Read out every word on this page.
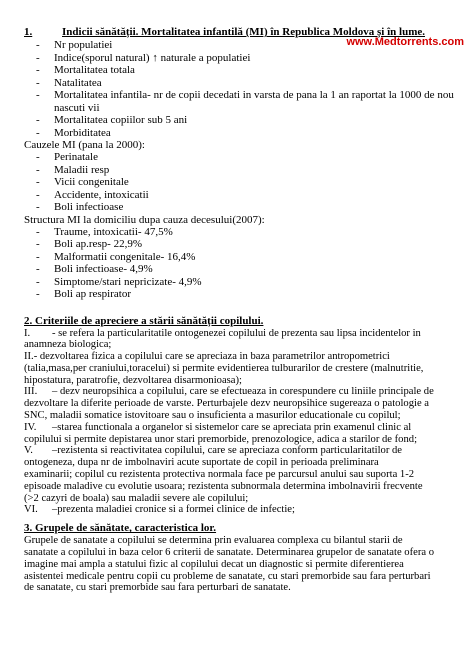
www.Medtorrents.com
1.	Indicii sănătății. Mortalitatea infantilă (MI) în Republica Moldova și în lume.
- Nr populatiei
- Indice(sporul natural) ↑ naturale a populatiei
- Mortalitatea totala
- Natalitatea
- Mortalitatea infantila- nr de copii decedati in varsta de pana la 1 an raportat la 1000 de nou nascuti vii
- Mortalitatea copiilor sub 5 ani
- Morbiditatea
Cauzele MI (pana la 2000):
- Perinatale
- Maladii resp
- Vicii congenitale
- Accidente, intoxicatii
- Boli infectioase
Structura MI la domiciliu dupa cauza decesului(2007):
- Traume, intoxicatii- 47,5%
- Boli ap.resp- 22,9%
- Malformatii congenitale- 16,4%
- Boli infectioase- 4,9%
- Simptome/stari nepricizate- 4,9%
- Boli ap respirator
2. Criteriile de apreciere a stării sănătății copilului.
I. - se refera la particularitatile ontogenezei copilului de prezenta sau lipsa incidentelor in
anamneza biologica;
II.- dezvoltarea fizica a copilului care se apreciaza in baza parametrilor antropometrici
(talia,masa,per craniului,toracelui) si permite evidentierea tulburarilor de crestere (malnutritie,
hipostatura, paratrofie, dezvoltarea disarmonioasa);
III. – dezv neuropsihica a copilului, care se efectueaza in corespundere cu liniile principale de
dezvoltare la diferite perioade de varste. Perturbajele dezv neuropsihice sugereaza o patologie a
SNC, maladii somatice istovitoare sau o insuficienta a masurilor educationale cu copilul;
IV. –starea functionala a organelor si sistemelor care se apreciata prin examenul clinic al
copilului si permite depistarea unor stari premorbide, prenozologice, adica a starilor de fond;
V. –rezistenta si reactivitatea copilului, care se apreciaza conform particularitatilor de
ontogeneza, dupa nr de imbolnaviri acute suportate de copil in perioada preliminara
examinarii; copilul cu rezistenta protectiva normala face pe parcursul anului sau suporta 1-2
episoade maladive cu evolutie usoara; rezistenta subnormala determina imbolnavirii frecvente
(>2 cazyri de boala) sau maladii severe ale copilului;
VI. –prezenta maladiei cronice si a formei clinice de infectie;
3. Grupele de sănătate, caracteristica lor.
Grupele de sanatate a copilului se determina prin evaluarea complexa cu bilantul starii de
sanatate a copilului in baza celor 6 criterii de sanatate. Determinarea grupelor de sanatate ofera o
imagine mai ampla a statului fizic al copilului decat un diagnostic si permite diferentierea
asistentei medicale pentru copii cu probleme de sanatate, cu stari premorbide sau fara perturbari
de sanatate, cu stari premorbide sau fara perturbari de sanatate.
